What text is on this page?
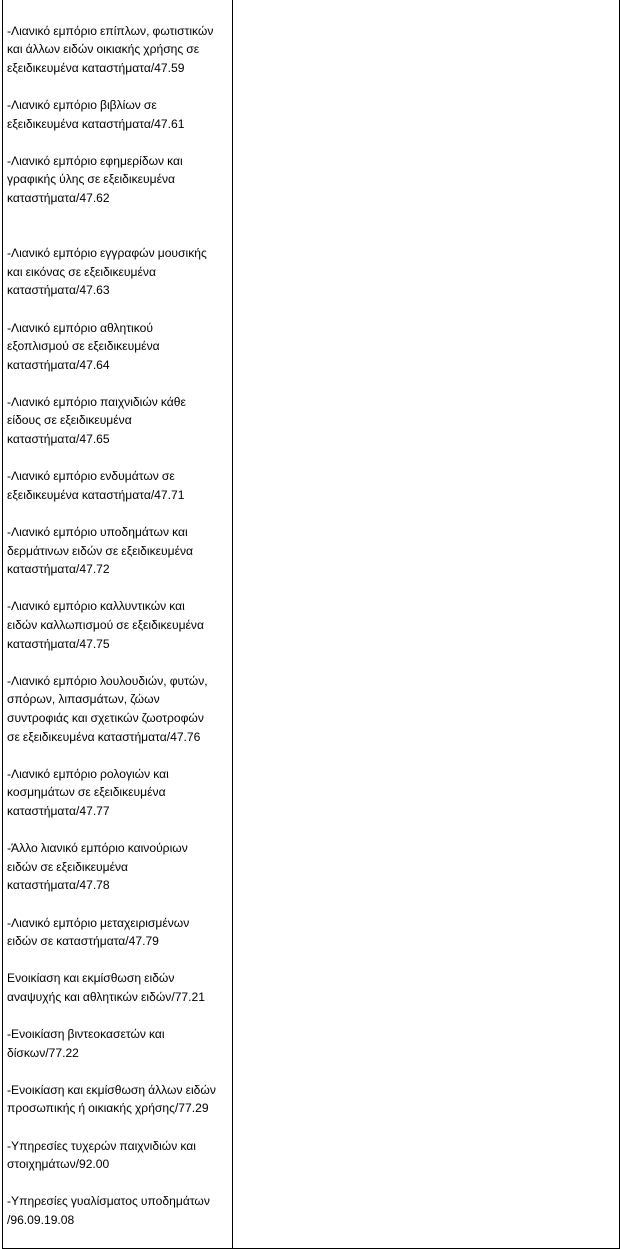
-Λιανικό εμπόριο επίπλων, φωτιστικών
και άλλων ειδών οικιακής χρήσης σε
εξειδικευμένα καταστήματα/47.59

-Λιανικό εμπόριο βιβλίων σε
εξειδικευμένα καταστήματα/47.61

-Λιανικό εμπόριο εφημερίδων και
γραφικής ύλης σε εξειδικευμένα
καταστήματα/47.62

-Λιανικό εμπόριο εγγραφών μουσικής
και εικόνας σε εξειδικευμένα
καταστήματα/47.63

-Λιανικό εμπόριο αθλητικού
εξοπλισμού σε εξειδικευμένα
καταστήματα/47.64

-Λιανικό εμπόριο παιχνιδιών κάθε
είδους σε εξειδικευμένα
καταστήματα/47.65

-Λιανικό εμπόριο ενδυμάτων σε
εξειδικευμένα καταστήματα/47.71

-Λιανικό εμπόριο υποδημάτων και
δερμάτινων ειδών σε εξειδικευμένα
καταστήματα/47.72

-Λιανικό εμπόριο καλλυντικών και
ειδών καλλωπισμού σε εξειδικευμένα
καταστήματα/47.75

-Λιανικό εμπόριο λουλουδιών, φυτών,
σπόρων, λιπασμάτων, ζώων
συντροφιάς και σχετικών ζωοτροφών
σε εξειδικευμένα καταστήματα/47.76

-Λιανικό εμπόριο ρολογιών και
κοσμημάτων σε εξειδικευμένα
καταστήματα/47.77

-Άλλο λιανικό εμπόριο καινούριων
ειδών σε εξειδικευμένα
καταστήματα/47.78

-Λιανικό εμπόριο μεταχειρισμένων
ειδών σε καταστήματα/47.79

Ενοικίαση και εκμίσθωση ειδών
αναψυχής και αθλητικών ειδών/77.21

-Ενοικίαση βιντεοκασετών και
δίσκων/77.22

-Ενοικίαση και εκμίσθωση άλλων ειδών
προσωπικής ή οικιακής χρήσης/77.29

-Υπηρεσίες τυχερών παιχνιδιών και
στοιχημάτων/92.00

-Υπηρεσίες γυαλίσματος υποδημάτων
/96.09.19.08
